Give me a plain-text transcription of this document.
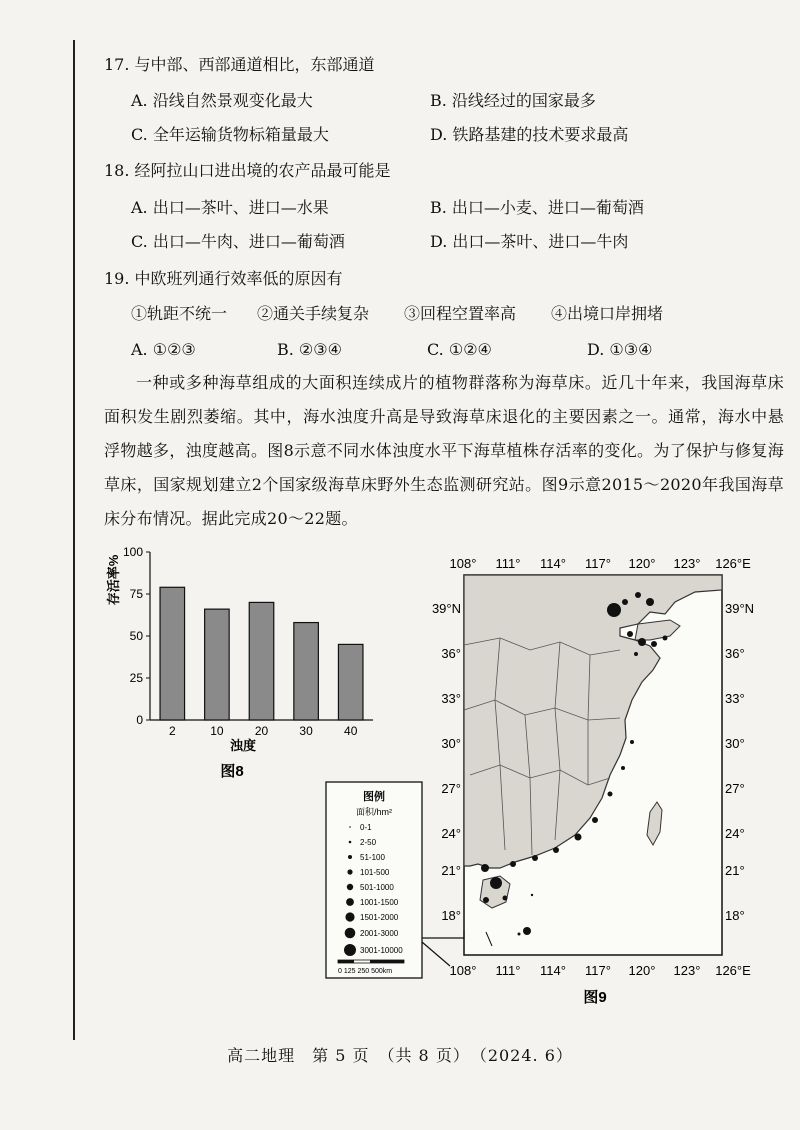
17. 与中部、西部通道相比，东部通道
A. 沿线自然景观变化最大	B. 沿线经过的国家最多
C. 全年运输货物标箱量最大	D. 铁路基建的技术要求最高
18. 经阿拉山口进出境的农产品最可能是
A. 出口—茶叶、进口—水果	B. 出口—小麦、进口—葡萄酒
C. 出口—牛肉、进口—葡萄酒	D. 出口—茶叶、进口—牛肉
19. 中欧班列通行效率低的原因有
①轨距不统一 ②通关手续复杂 ③回程空置率高 ④出境口岸拥堵
A. ①②③	B. ②③④	C. ①②④	D. ①③④
一种或多种海草组成的大面积连续成片的植物群落称为海草床。近几十年来，我国海草床面积发生剧烈萎缩。其中，海水浊度升高是导致海草床退化的主要因素之一。通常，海水中悬浮物越多，浊度越高。图8示意不同水体浊度水平下海草植株存活率的变化。为了保护与修复海草床，国家规划建立2个国家级海草床野外生态监测研究站。图9示意2015～2020年我国海草床分布情况。据此完成20～22题。
存活率%
0
25
50
75
100
2	10	20	30	40
浊度
图8
108° 111° 114° 117° 120° 123° 126°E
39°N
36°
33°
30°
27°
24°
21°
18°
39°N
36°
33°
30°
27°
24°
21°
18°
108° 111° 114° 117° 120° 123° 126°E
图9
图例
面积/hm²
0-1
2-50
51-100
101-500
501-1000
1001-1500
1501-2000
2001-3000
3001-10000
0 125 250 500km
高二地理　第 5 页　（共 8 页）　（2024. 6）
